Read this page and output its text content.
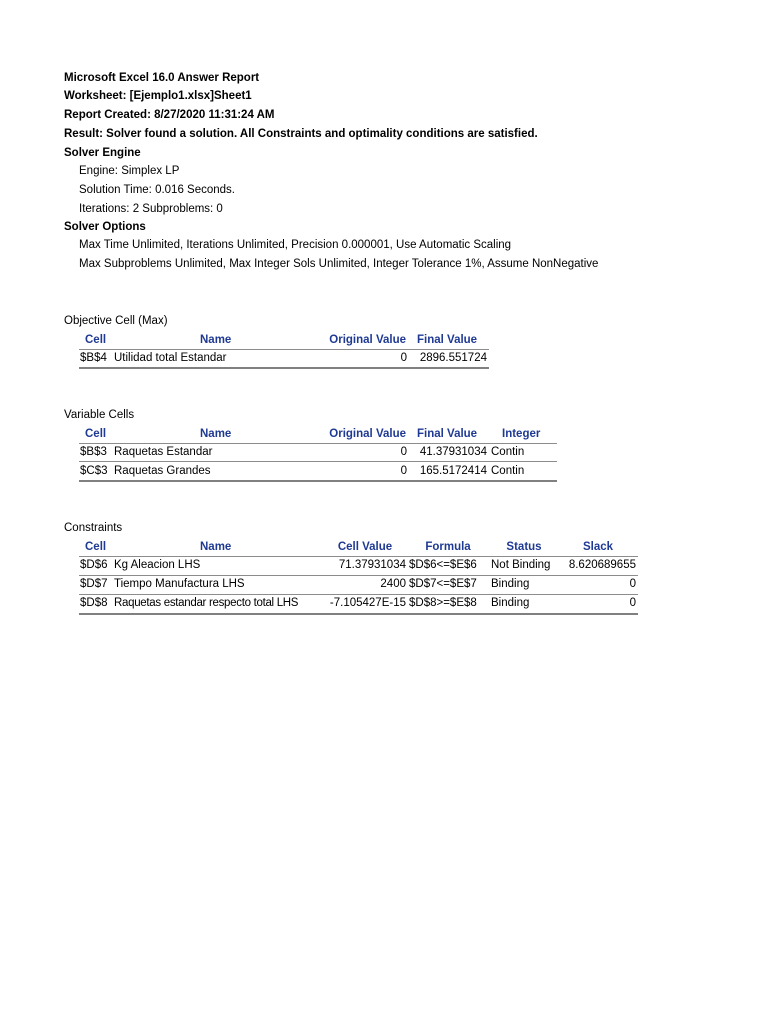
Microsoft Excel 16.0 Answer Report
Worksheet: [Ejemplo1.xlsx]Sheet1
Report Created: 8/27/2020 11:31:24 AM
Result: Solver found a solution. All Constraints and optimality conditions are satisfied.
Solver Engine
Engine: Simplex LP
Solution Time: 0.016 Seconds.
Iterations: 2 Subproblems: 0
Solver Options
Max Time Unlimited, Iterations Unlimited, Precision 0.000001, Use Automatic Scaling
Max Subproblems Unlimited, Max Integer Sols Unlimited, Integer Tolerance 1%, Assume NonNegative
Objective Cell (Max)
Cell	Name	Original Value Final Value
$B$4 Utilidad total Estandar	0	2896.551724
Variable Cells
Cell	Name	Original Value Final Value Integer
$B$3 Raquetas Estandar	0	41.37931034 Contin
$C$3 Raquetas Grandes	0	165.5172414 Contin
Constraints
Cell	Name	Cell Value	Formula	Status	Slack
$D$6 Kg Aleacion LHS	71.37931034 $D$6<=$E$6 Not Binding	8.620689655
$D$7 Tiempo Manufactura LHS	2400 $D$7<=$E$7 Binding	0
$D$8 Raquetas estandar respecto total LHS	-7.105427E-15 $D$8>=$E$8 Binding	0
